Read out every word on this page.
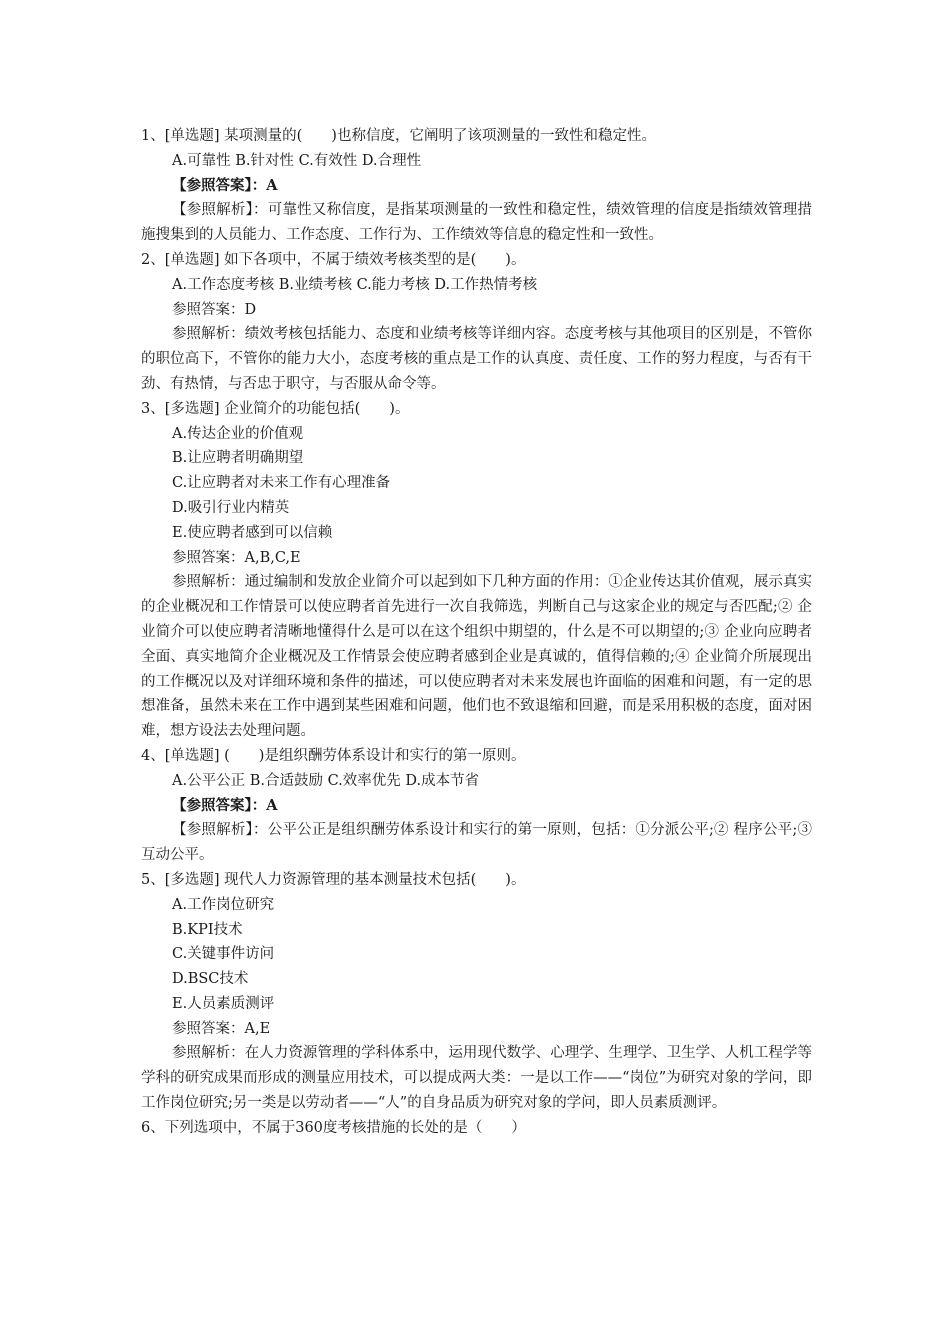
1、[单选题] 某项测量的(　　)也称信度，它阐明了该项测量的一致性和稳定性。

A.可靠性 B.针对性 C.有效性 D.合理性

【参照答案】：A

【参照解析】：可靠性又称信度，是指某项测量的一致性和稳定性，绩效管理的信度是指绩效管理措施搜集到的人员能力、工作态度、工作行为、工作绩效等信息的稳定性和一致性。

2、[单选题] 如下各项中，不属于绩效考核类型的是(　　)。

A.工作态度考核 B.业绩考核 C.能力考核 D.工作热情考核

参照答案：D

参照解析：绩效考核包括能力、态度和业绩考核等详细内容。态度考核与其他项目的区别是，不管你的职位高下，不管你的能力大小，态度考核的重点是工作的认真度、责任度、工作的努力程度，与否有干劲、有热情，与否忠于职守，与否服从命令等。

3、[多选题] 企业简介的功能包括(　　)。

A.传达企业的价值观

B.让应聘者明确期望

C.让应聘者对未来工作有心理准备

D.吸引行业内精英

E.使应聘者感到可以信赖

参照答案：A,B,C,E

参照解析：通过编制和发放企业简介可以起到如下几种方面的作用：①企业传达其价值观，展示真实的企业概况和工作情景可以使应聘者首先进行一次自我筛选，判断自己与这家企业的规定与否匹配;② 企业简介可以使应聘者清晰地懂得什么是可以在这个组织中期望的，什么是不可以期望的;③ 企业向应聘者全面、真实地简介企业概况及工作情景会使应聘者感到企业是真诚的，值得信赖的;④ 企业简介所展现出的工作概况以及对详细环境和条件的描述，可以使应聘者对未来发展也许面临的困难和问题，有一定的思想准备，虽然未来在工作中遇到某些困难和问题，他们也不致退缩和回避，而是采用积极的态度，面对困难，想方设法去处理问题。

4、[单选题] (　　)是组织酬劳体系设计和实行的第一原则。

A.公平公正 B.合适鼓励 C.效率优先 D.成本节省

【参照答案】：A

【参照解析】：公平公正是组织酬劳体系设计和实行的第一原则，包括：①分派公平;② 程序公平;③ 互动公平。

5、[多选题] 现代人力资源管理的基本测量技术包括(　　)。

A.工作岗位研究

B.KPI技术

C.关键事件访问

D.BSC技术

E.人员素质测评

参照答案：A,E

参照解析：在人力资源管理的学科体系中，运用现代数学、心理学、生理学、卫生学、人机工程学等学科的研究成果而形成的测量应用技术，可以提成两大类：一是以工作——“岗位”为研究对象的学问，即工作岗位研究;另一类是以劳动者——“人”的自身品质为研究对象的学问，即人员素质测评。

6、下列选项中，不属于360度考核措施的长处的是（　　）
